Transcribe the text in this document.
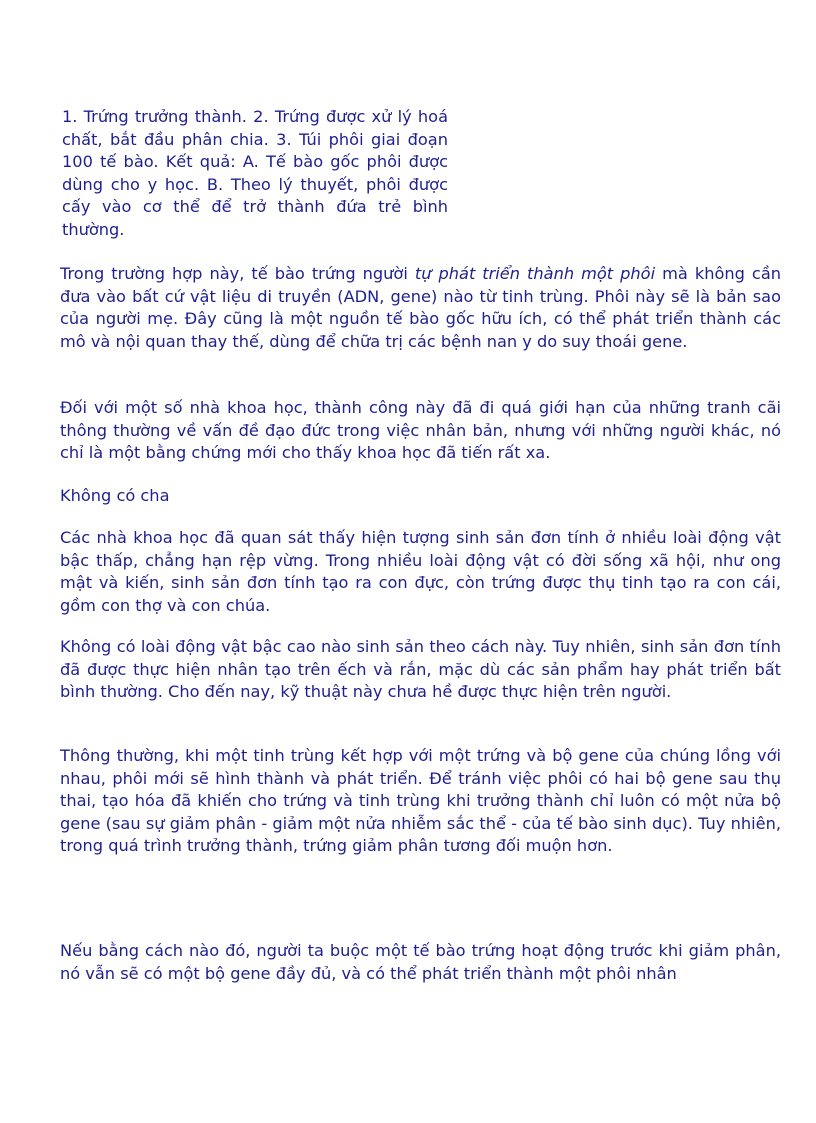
1. Trứng trưởng thành. 2. Trứng được xử lý hoá chất, bắt đầu phân chia. 3. Túi phôi giai đoạn 100 tế bào. Kết quả: A. Tế bào gốc phôi được dùng cho y học. B. Theo lý thuyết, phôi được cấy vào cơ thể để trở thành đứa trẻ bình thường.

Trong trường hợp này, tế bào trứng người tự phát triển thành một phôi mà không cần đưa vào bất cứ vật liệu di truyền (ADN, gene) nào từ tinh trùng. Phôi này sẽ là bản sao của người mẹ. Đây cũng là một nguồn tế bào gốc hữu ích, có thể phát triển thành các mô và nội quan thay thế, dùng để chữa trị các bệnh nan y do suy thoái gene.

Đối với một số nhà khoa học, thành công này đã đi quá giới hạn của những tranh cãi thông thường về vấn đề đạo đức trong việc nhân bản, nhưng với những người khác, nó chỉ là một bằng chứng mới cho thấy khoa học đã tiến rất xa.

Không có cha

Các nhà khoa học đã quan sát thấy hiện tượng sinh sản đơn tính ở nhiều loài động vật bậc thấp, chẳng hạn rệp vừng. Trong nhiều loài động vật có đời sống xã hội, như ong mật và kiến, sinh sản đơn tính tạo ra con đực, còn trứng được thụ tinh tạo ra con cái, gồm con thợ và con chúa.

Không có loài động vật bậc cao nào sinh sản theo cách này. Tuy nhiên, sinh sản đơn tính đã được thực hiện nhân tạo trên ếch và rắn, mặc dù các sản phẩm hay phát triển bất bình thường. Cho đến nay, kỹ thuật này chưa hề được thực hiện trên người.

Thông thường, khi một tinh trùng kết hợp với một trứng và bộ gene của chúng lồng với nhau, phôi mới sẽ hình thành và phát triển. Để tránh việc phôi có hai bộ gene sau thụ thai, tạo hóa đã khiến cho trứng và tinh trùng khi trưởng thành chỉ luôn có một nửa bộ gene (sau sự giảm phân - giảm một nửa nhiễm sắc thể - của tế bào sinh dục). Tuy nhiên, trong quá trình trưởng thành, trứng giảm phân tương đối muộn hơn.

Nếu bằng cách nào đó, người ta buộc một tế bào trứng hoạt động trước khi giảm phân, nó vẫn sẽ có một bộ gene đầy đủ, và có thể phát triển thành một phôi nhân
